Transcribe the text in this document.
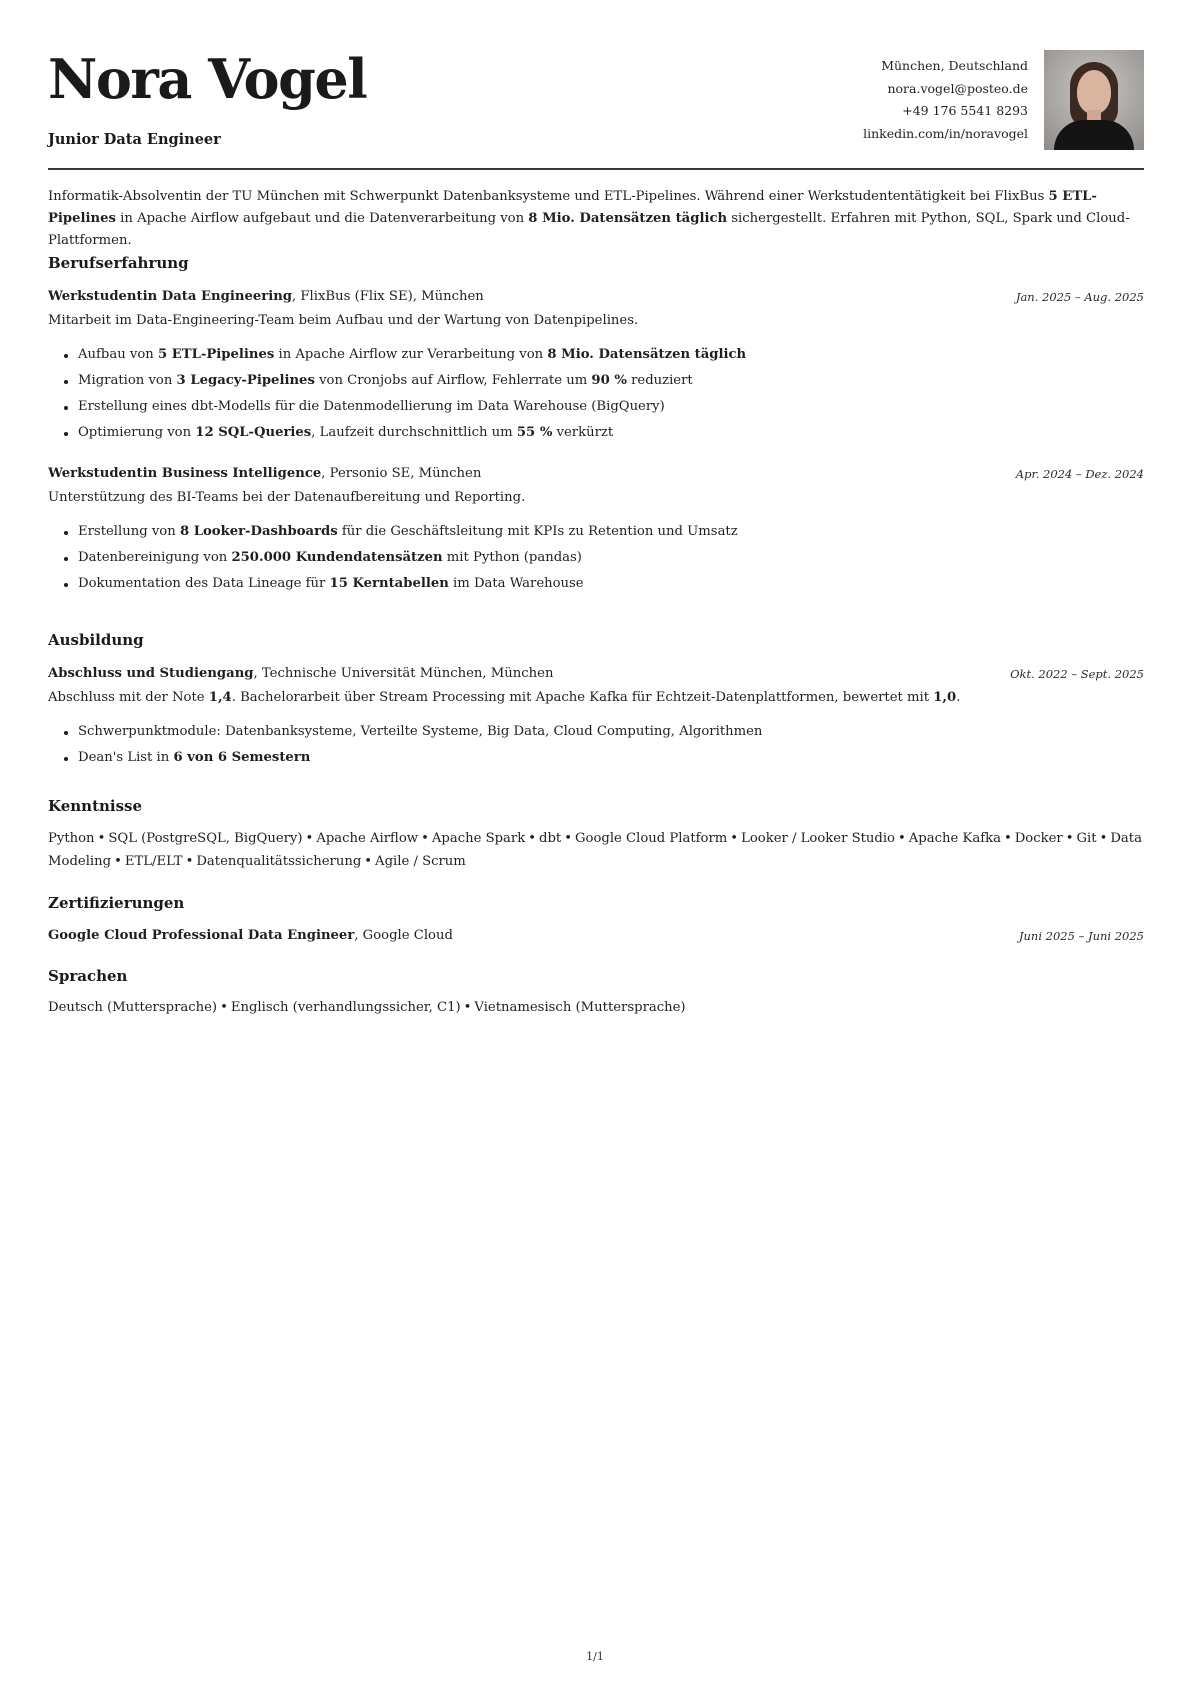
Nora Vogel
Junior Data Engineer
München, Deutschland
nora.vogel@posteo.de
+49 176 5541 8293
linkedin.com/in/noravogel
Informatik-Absolventin der TU München mit Schwerpunkt Datenbanksysteme und ETL-Pipelines. Während einer Werkstudententätigkeit bei FlixBus 5 ETL-Pipelines in Apache Airflow aufgebaut und die Datenverarbeitung von 8 Mio. Datensätzen täglich sichergestellt. Erfahren mit Python, SQL, Spark und Cloud-Plattformen.
Berufserfahrung
Werkstudentin Data Engineering, FlixBus (Flix SE), München	Jan. 2025 – Aug. 2025
Mitarbeit im Data-Engineering-Team beim Aufbau und der Wartung von Datenpipelines.
Aufbau von 5 ETL-Pipelines in Apache Airflow zur Verarbeitung von 8 Mio. Datensätzen täglich
Migration von 3 Legacy-Pipelines von Cronjobs auf Airflow, Fehlerrate um 90 % reduziert
Erstellung eines dbt-Modells für die Datenmodellierung im Data Warehouse (BigQuery)
Optimierung von 12 SQL-Queries, Laufzeit durchschnittlich um 55 % verkürzt
Werkstudentin Business Intelligence, Personio SE, München	Apr. 2024 – Dez. 2024
Unterstützung des BI-Teams bei der Datenaufbereitung und Reporting.
Erstellung von 8 Looker-Dashboards für die Geschäftsleitung mit KPIs zu Retention und Umsatz
Datenbereinigung von 250.000 Kundendatensätzen mit Python (pandas)
Dokumentation des Data Lineage für 15 Kerntabellen im Data Warehouse
Ausbildung
Abschluss und Studiengang, Technische Universität München, München	Okt. 2022 – Sept. 2025
Abschluss mit der Note 1,4. Bachelorarbeit über Stream Processing mit Apache Kafka für Echtzeit-Datenplattformen, bewertet mit 1,0.
Schwerpunktmodule: Datenbanksysteme, Verteilte Systeme, Big Data, Cloud Computing, Algorithmen
Dean's List in 6 von 6 Semestern
Kenntnisse
Python • SQL (PostgreSQL, BigQuery) • Apache Airflow • Apache Spark • dbt • Google Cloud Platform • Looker / Looker Studio • Apache Kafka • Docker • Git • Data Modeling • ETL/ELT • Datenqualitätssicherung • Agile / Scrum
Zertifizierungen
Google Cloud Professional Data Engineer, Google Cloud	Juni 2025 – Juni 2025
Sprachen
Deutsch (Muttersprache) • Englisch (verhandlungssicher, C1) • Vietnamesisch (Muttersprache)
1/1
